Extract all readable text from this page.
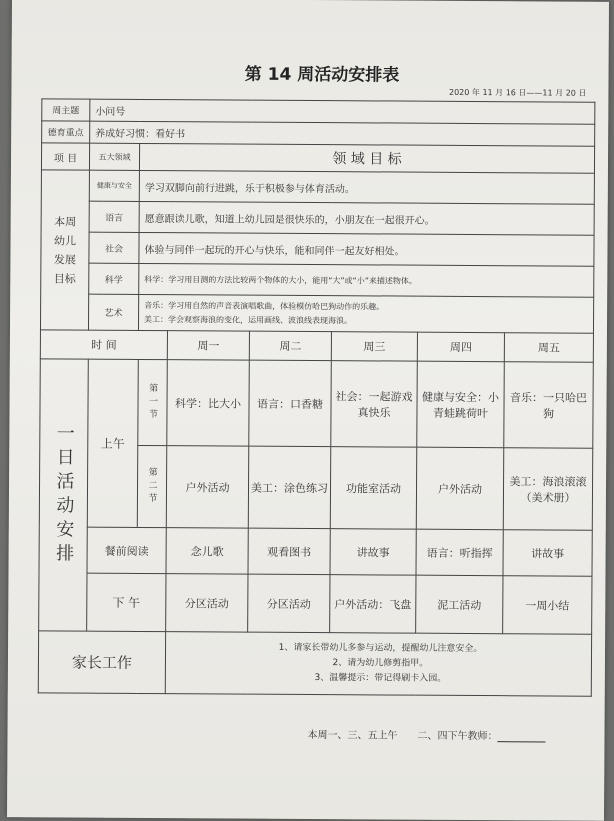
第 14 周活动安排表
2020 年 11 月 16 日——11 月 20 日
周主题	小问号						
德育重点	养成好习惯：看好书						
项 目	五大领域	领 域 目 标					
本周幼儿发展目标	健康与安全	学习双脚向前行进跳，乐于积极参与体育活动。					
	语言	愿意跟读儿歌，知道上幼儿园是很快乐的，小朋友在一起很开心。					
	社会	体验与同伴一起玩的开心与快乐，能和同伴一起友好相处。					
	科学	科学：学习用目测的方法比较两个物体的大小，能用“大”或“小”来描述物体。					
	艺术	音乐：学习用自然的声音表演唱歌曲，体验模仿哈巴狗动作的乐趣。
美工：学会观察海浪的变化，运用画线、波浪线表现海浪。					

时 间			周一	周二	周三	周四	周五

一日活动安排	上午	第一节	科学：比大小	语言：口香糖	社会：一起游戏真快乐	健康与安全：小青蛙跳荷叶	音乐：一只哈巴狗

		第二节	户外活动	美工：涂色练习	功能室活动	户外活动	美工：海浪滚滚（美术册）
	餐前阅读		念儿歌	观看图书	讲故事	语言：听指挥	讲故事
	下 午		分区活动	分区活动	户外活动：飞盘	泥工活动	一周小结
家长工作			1、请家长带幼儿多参与运动，提醒幼儿注意安全。
2、请为幼儿修剪指甲。
3、温馨提示：带记得刷卡入园。				
本周一、三、五上午　　二、四下午教师：
